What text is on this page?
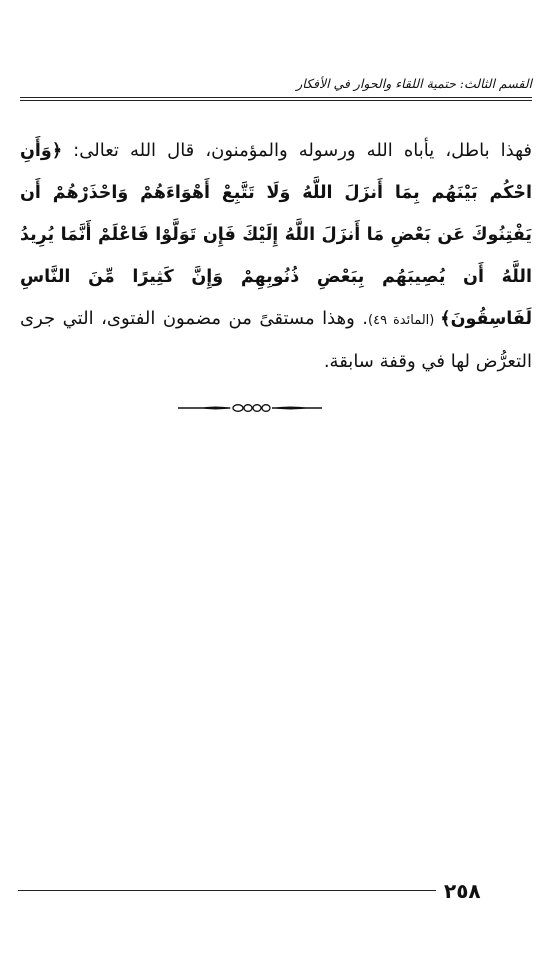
القسم الثالث: حتمية اللقاء والحوار في الأفكار
فهذا باطل، يأباه الله ورسوله والمؤمنون، قال الله تعالى: ﴿وَأَنِ احْكُم بَيْنَهُم بِمَا أَنزَلَ اللَّهُ وَلَا تَتَّبِعْ أَهْوَاءَهُمْ وَاحْذَرْهُمْ أَن يَفْتِنُوكَ عَن بَعْضِ مَا أَنزَلَ اللَّهُ إِلَيْكَ فَإِن تَوَلَّوْا فَاعْلَمْ أَنَّمَا يُرِيدُ اللَّهُ أَن يُصِيبَهُم بِبَعْضِ ذُنُوبِهِمْ وَإِنَّ كَثِيرًا مِّنَ النَّاسِ لَفَاسِقُونَ﴾ (المائدة ٤٩). وهذا مستقىً من مضمون الفتوى، التي جرى التعرُّض لها في وقفة سابقة.
٢٥٨
